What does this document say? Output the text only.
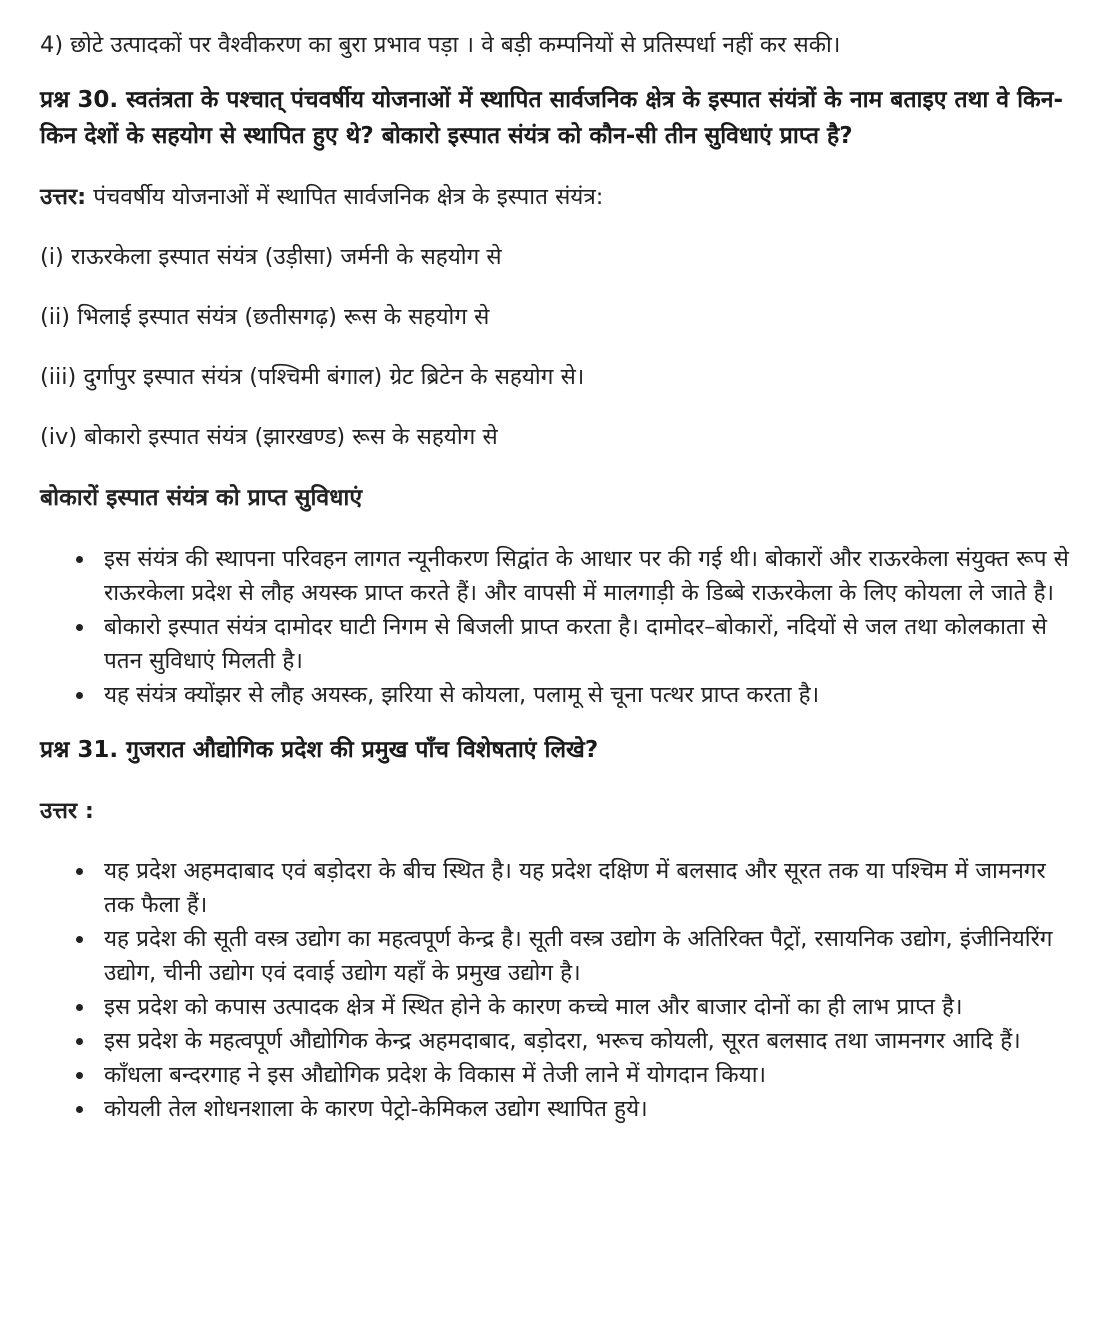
4) छोटे उत्पादकों पर वैश्वीकरण का बुरा प्रभाव पड़ा । वे बड़ी कम्पनियों से प्रतिस्पर्धा नहीं कर सकी।

प्रश्न 30. स्वतंत्रता के पश्चात् पंचवर्षीय योजनाओं में स्थापित सार्वजनिक क्षेत्र के इस्पात संयंत्रों के नाम बताइए तथा वे किन-किन देशों के सहयोग से स्थापित हुए थे? बोकारो इस्पात संयंत्र को कौन-सी तीन सुविधाएं प्राप्त है?

उत्तर: पंचवर्षीय योजनाओं में स्थापित सार्वजनिक क्षेत्र के इस्पात संयंत्र:

(i) राऊरकेला इस्पात संयंत्र (उड़ीसा) जर्मनी के सहयोग से

(ii) भिलाई इस्पात संयंत्र (छतीसगढ़) रूस के सहयोग से

(iii) दुर्गापुर इस्पात संयंत्र (पश्चिमी बंगाल) ग्रेट ब्रिटेन के सहयोग से।

(iv) बोकारो इस्पात संयंत्र (झारखण्ड) रूस के सहयोग से

बोकारों इस्पात संयंत्र को प्राप्त सुविधाएं

इस संयंत्र की स्थापना परिवहन लागत न्यूनीकरण सिद्वांत के आधार पर की गई थी। बोकारों और राऊरकेला संयुक्त रूप से राऊरकेला प्रदेश से लौह अयस्क प्राप्त करते हैं। और वापसी में मालगाड़ी के डिब्बे राऊरकेला के लिए कोयला ले जाते है।
बोकारो इस्पात संयंत्र दामोदर घाटी निगम से बिजली प्राप्त करता है। दामोदर–बोकारों, नदियों से जल तथा कोलकाता से पतन सुविधाएं मिलती है।
यह संयंत्र क्योंझर से लौह अयस्क, झरिया से कोयला, पलामू से चूना पत्थर प्राप्त करता है।

प्रश्न 31. गुजरात औद्योगिक प्रदेश की प्रमुख पाँच विशेषताएं लिखे?

उत्तर :

यह प्रदेश अहमदाबाद एवं बड़ोदरा के बीच स्थित है। यह प्रदेश दक्षिण में बलसाद और सूरत तक या पश्चिम में जामनगर तक फैला हैं।
यह प्रदेश की सूती वस्त्र उद्योग का महत्वपूर्ण केन्द्र है। सूती वस्त्र उद्योग के अतिरिक्त पैट्रों, रसायनिक उद्योग, इंजीनियरिंग उद्योग, चीनी उद्योग एवं दवाई उद्योग यहाँ के प्रमुख उद्योग है।
इस प्रदेश को कपास उत्पादक क्षेत्र में स्थित होने के कारण कच्चे माल और बाजार दोनों का ही लाभ प्राप्त है।
इस प्रदेश के महत्वपूर्ण औद्योगिक केन्द्र अहमदाबाद, बड़ोदरा, भरूच कोयली, सूरत बलसाद तथा जामनगर आदि हैं।
काँधला बन्दरगाह ने इस औद्योगिक प्रदेश के विकास में तेजी लाने में योगदान किया।
कोयली तेल शोधनशाला के कारण पेट्रो-केमिकल उद्योग स्थापित हुये।
